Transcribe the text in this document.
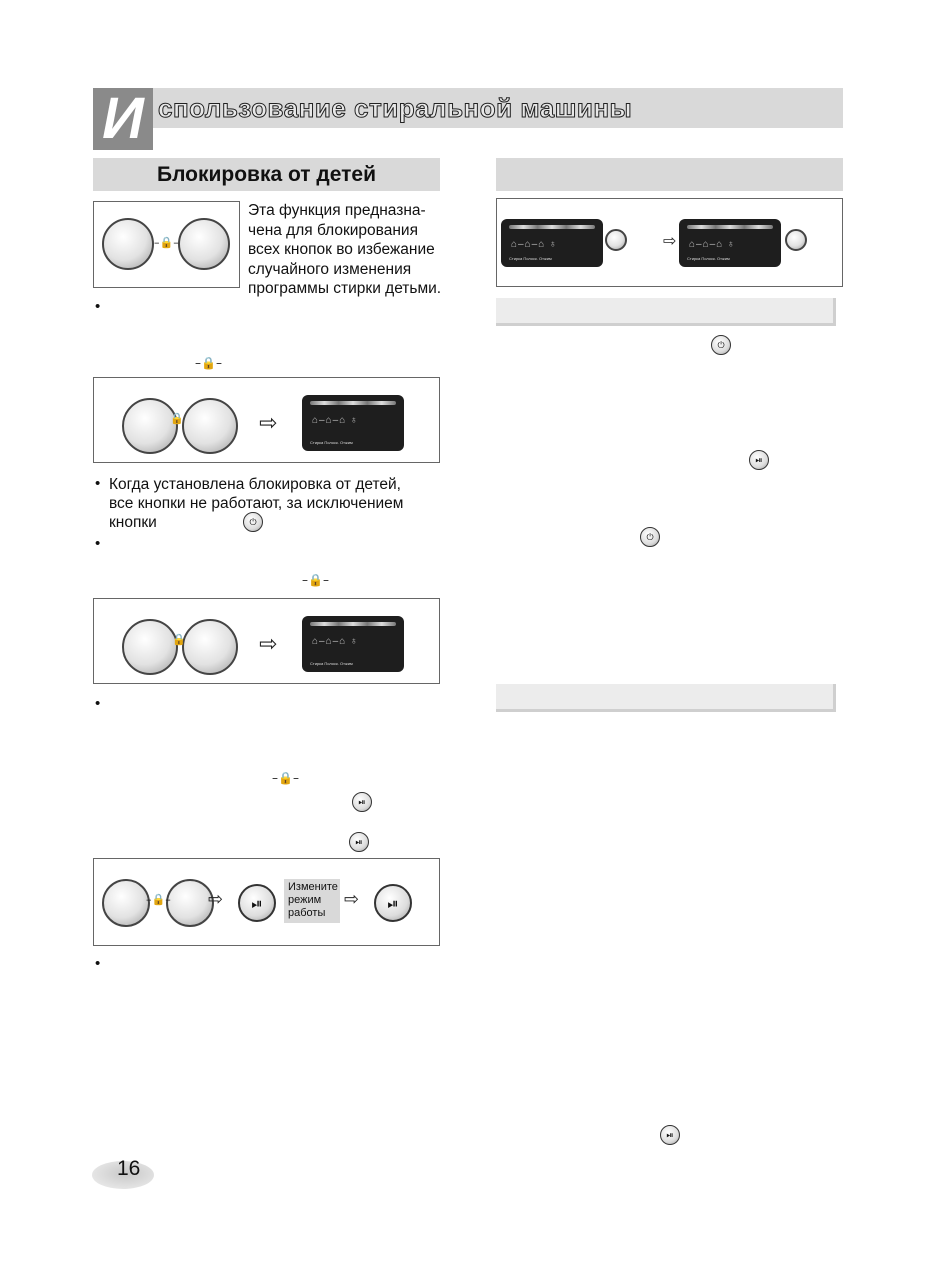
И спользование стиральной машины
Блокировка от детей
–🔒–
Эта функция предназна-
чена для блокирования
всех кнопок во избежание
случайного изменения
программы стирки детьми.
•
–🔒–
🔒	⇨	⌂–⌂–⌂ ♁
Стирка Полоск. Отжим
• Когда установлена блокировка от детей,
все кнопки не работают, за исключением
кнопки	⏻
•
–🔒–
🔒	⇨	⌂–⌂–⌂ ♁
Стирка Полоск. Отжим
•
–🔒–
⏯
⏯
–🔒– ⇨	⏯	⇨	⏯
Измените
режим
работы
•
⌂–⌂–⌂ ♁
Стирка Полоск. Отжим
⇨ ⌂–⌂–⌂ ♁
Стирка Полоск. Отжим
⏻
⏯
⏻
⏯
16
